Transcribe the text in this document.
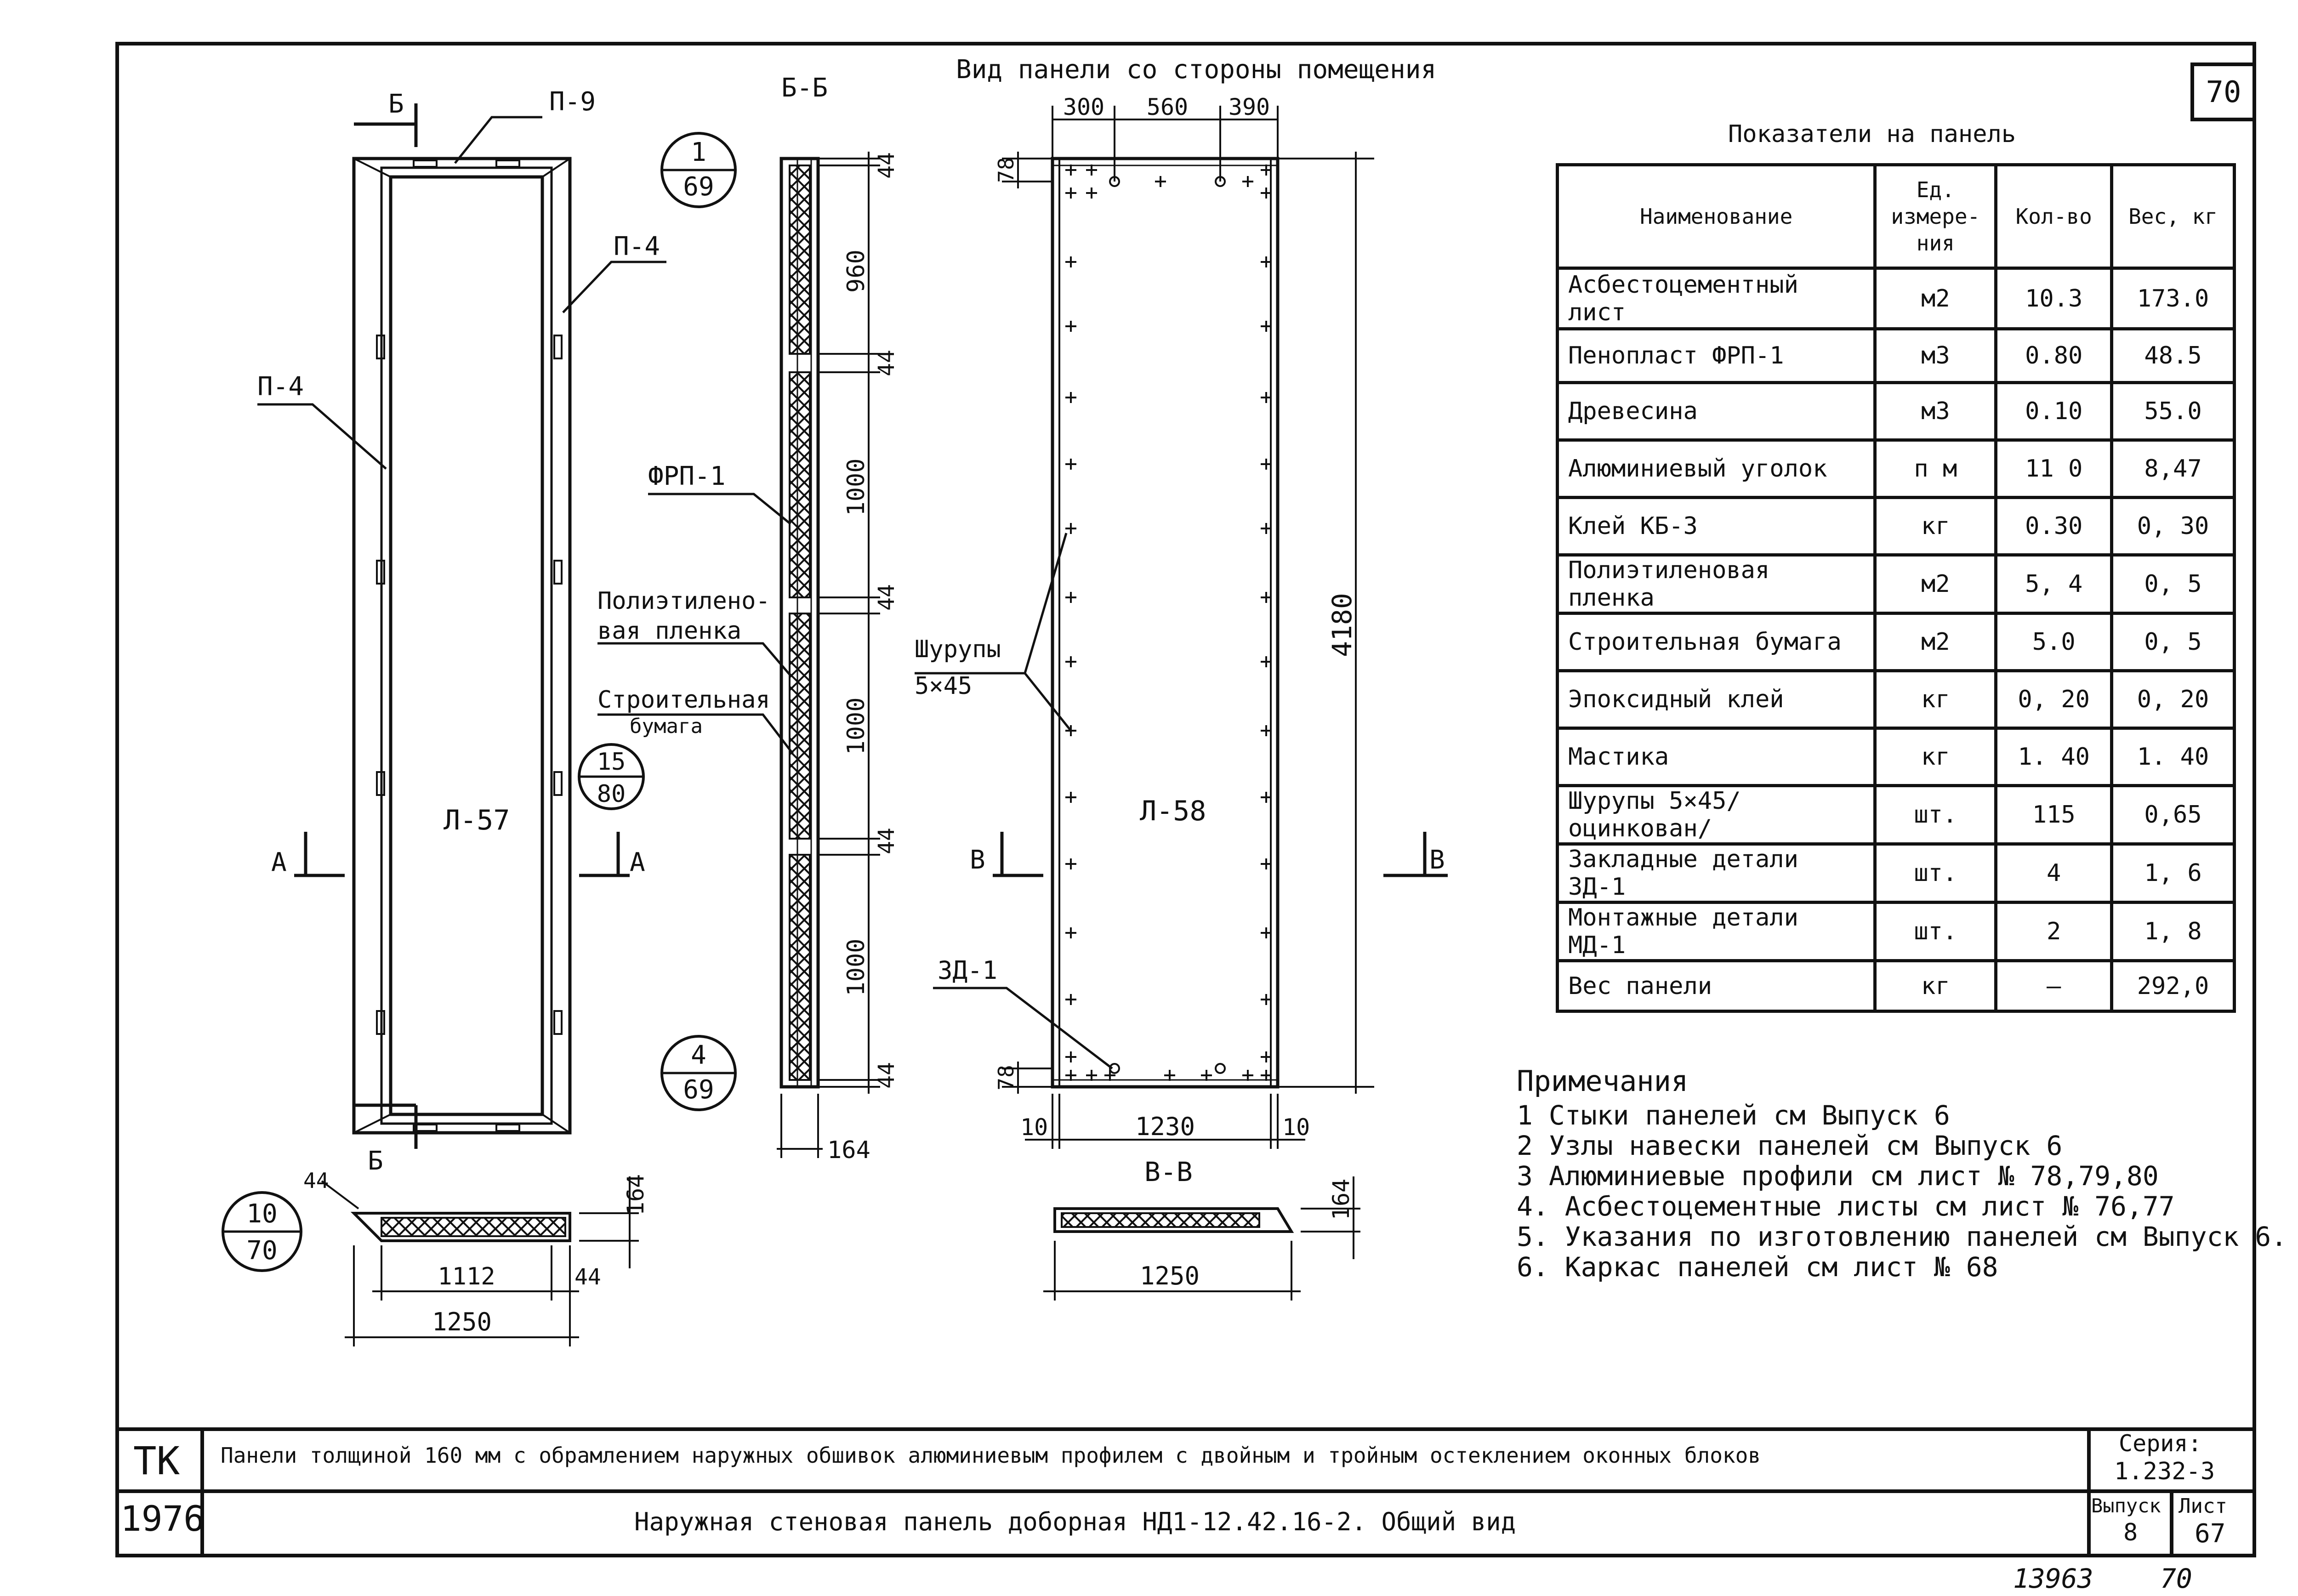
70
Б
Б
А	А
П-9
П-4
П-4
Л-57
1
69
15
80
4
69
10
70
Б-Б
44
960
44
1000
44
1000
44
1000
44
164
ФРП-1
Полиэтилено-
вая пленка
Строительная
бумага
Вид панели со стороны помещения
Л-58
300 560 390
78
78
4180
10	1230	10
В	В
Шурупы
5×45
ЗД-1
В-В
1250
164
1112	44
1250
44	164
13963	70
Показатели на панель
Наименование	Ед. измере-ния	Кол-во	Вес, кг
Асбестоцементный лист	м2	10.3	173.0
Пенопласт ФРП-1	м3	0.80	48.5
Древесина	м3	0.10	55.0
Алюминиевый уголок	п м	11 0	8,47
Клей КБ-3	кг	0.30	0, 30
Полиэтиленовая пленка	м2	5, 4	0, 5
Строительная бумага	м2	5.0	0, 5
Эпоксидный клей	кг	0, 20	0, 20
Мастика	кг	1. 40	1. 40
Шурупы 5×45/оцинкован/	шт.	115	0,65
Закладные детали ЗД-1	шт.	4	1, 6
Монтажные детали МД-1	шт.	2	1, 8
Вес панели	кг	—	292,0
Примечания
1 Стыки панелей см Выпуск 6
2 Узлы навески панелей см Выпуск 6
3 Алюминиевые профили см лист № 78,79,80
4. Асбестоцементные листы см лист № 76,77
5. Указания по изготовлению панелей см Выпуск 6.
6. Каркас панелей см лист № 68
ТК
1976
Панели толщиной 160 мм с обрамлением наружных обшивок алюминиевым профилем с двойным и тройным остеклением оконных блоков
Наружная стеновая панель доборная НД1-12.42.16-2. Общий вид
Серия:
1.232-3
Выпуск
8
Лист
67
